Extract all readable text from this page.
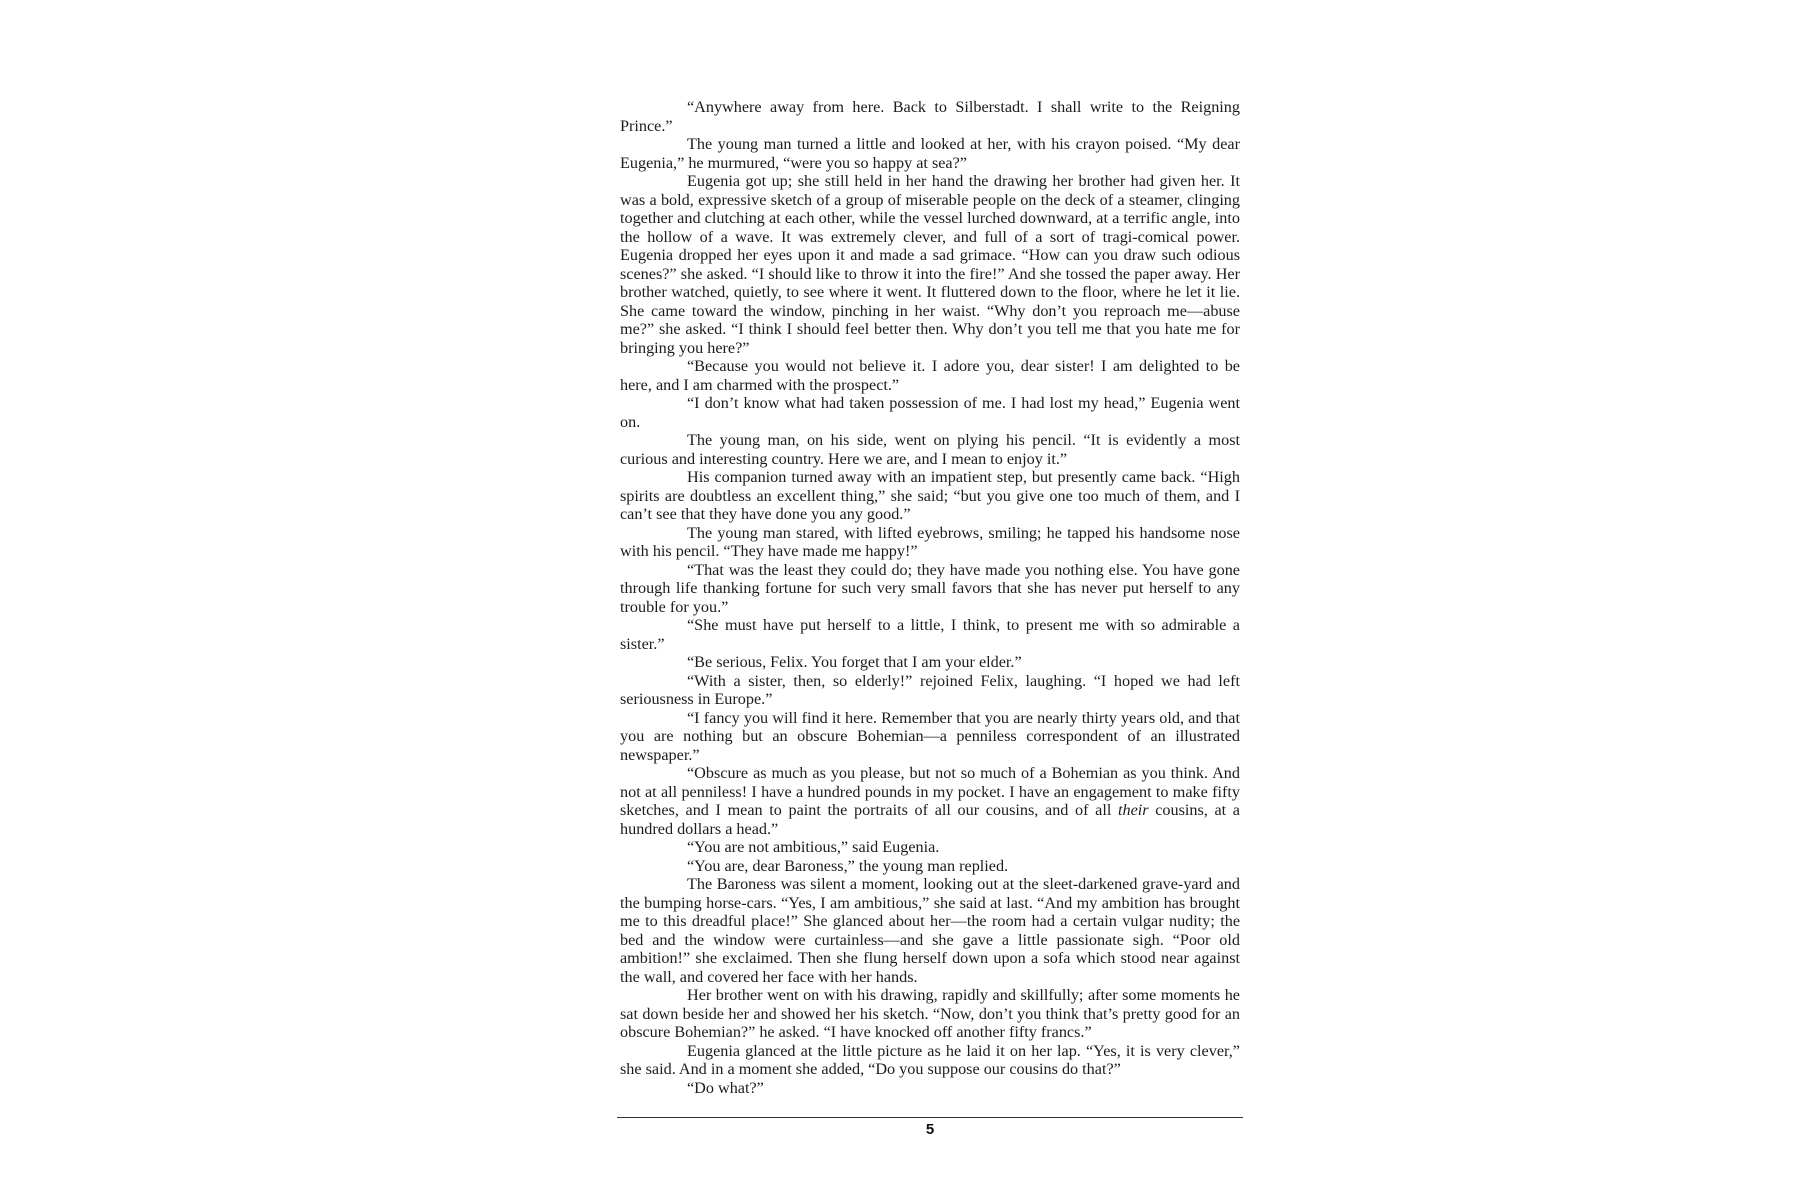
“Anywhere away from here. Back to Silberstadt. I shall write to the Reigning Prince.”

The young man turned a little and looked at her, with his crayon poised. “My dear Eugenia,” he murmured, “were you so happy at sea?”

Eugenia got up; she still held in her hand the drawing her brother had given her. It was a bold, expressive sketch of a group of miserable people on the deck of a steamer, clinging together and clutching at each other, while the vessel lurched downward, at a terrific angle, into the hollow of a wave. It was extremely clever, and full of a sort of tragi-comical power. Eugenia dropped her eyes upon it and made a sad grimace. “How can you draw such odious scenes?” she asked. “I should like to throw it into the fire!” And she tossed the paper away. Her brother watched, quietly, to see where it went. It fluttered down to the floor, where he let it lie. She came toward the window, pinching in her waist. “Why don’t you reproach me—abuse me?” she asked. “I think I should feel better then. Why don’t you tell me that you hate me for bringing you here?”

“Because you would not believe it. I adore you, dear sister! I am delighted to be here, and I am charmed with the prospect.”

“I don’t know what had taken possession of me. I had lost my head,” Eugenia went on.

The young man, on his side, went on plying his pencil. “It is evidently a most curious and interesting country. Here we are, and I mean to enjoy it.”

His companion turned away with an impatient step, but presently came back. “High spirits are doubtless an excellent thing,” she said; “but you give one too much of them, and I can’t see that they have done you any good.”

The young man stared, with lifted eyebrows, smiling; he tapped his handsome nose with his pencil. “They have made me happy!”

“That was the least they could do; they have made you nothing else. You have gone through life thanking fortune for such very small favors that she has never put herself to any trouble for you.”

“She must have put herself to a little, I think, to present me with so admirable a sister.”

“Be serious, Felix. You forget that I am your elder.”

“With a sister, then, so elderly!” rejoined Felix, laughing. “I hoped we had left seriousness in Europe.”

“I fancy you will find it here. Remember that you are nearly thirty years old, and that you are nothing but an obscure Bohemian—a penniless correspondent of an illustrated newspaper.”

“Obscure as much as you please, but not so much of a Bohemian as you think. And not at all penniless! I have a hundred pounds in my pocket. I have an engagement to make fifty sketches, and I mean to paint the portraits of all our cousins, and of all their cousins, at a hundred dollars a head.”

“You are not ambitious,” said Eugenia.

“You are, dear Baroness,” the young man replied.

The Baroness was silent a moment, looking out at the sleet-darkened grave-yard and the bumping horse-cars. “Yes, I am ambitious,” she said at last. “And my ambition has brought me to this dreadful place!” She glanced about her—the room had a certain vulgar nudity; the bed and the window were curtainless—and she gave a little passionate sigh. “Poor old ambition!” she exclaimed. Then she flung herself down upon a sofa which stood near against the wall, and covered her face with her hands.

Her brother went on with his drawing, rapidly and skillfully; after some moments he sat down beside her and showed her his sketch. “Now, don’t you think that’s pretty good for an obscure Bohemian?” he asked. “I have knocked off another fifty francs.”

Eugenia glanced at the little picture as he laid it on her lap. “Yes, it is very clever,” she said. And in a moment she added, “Do you suppose our cousins do that?”

“Do what?”

5
